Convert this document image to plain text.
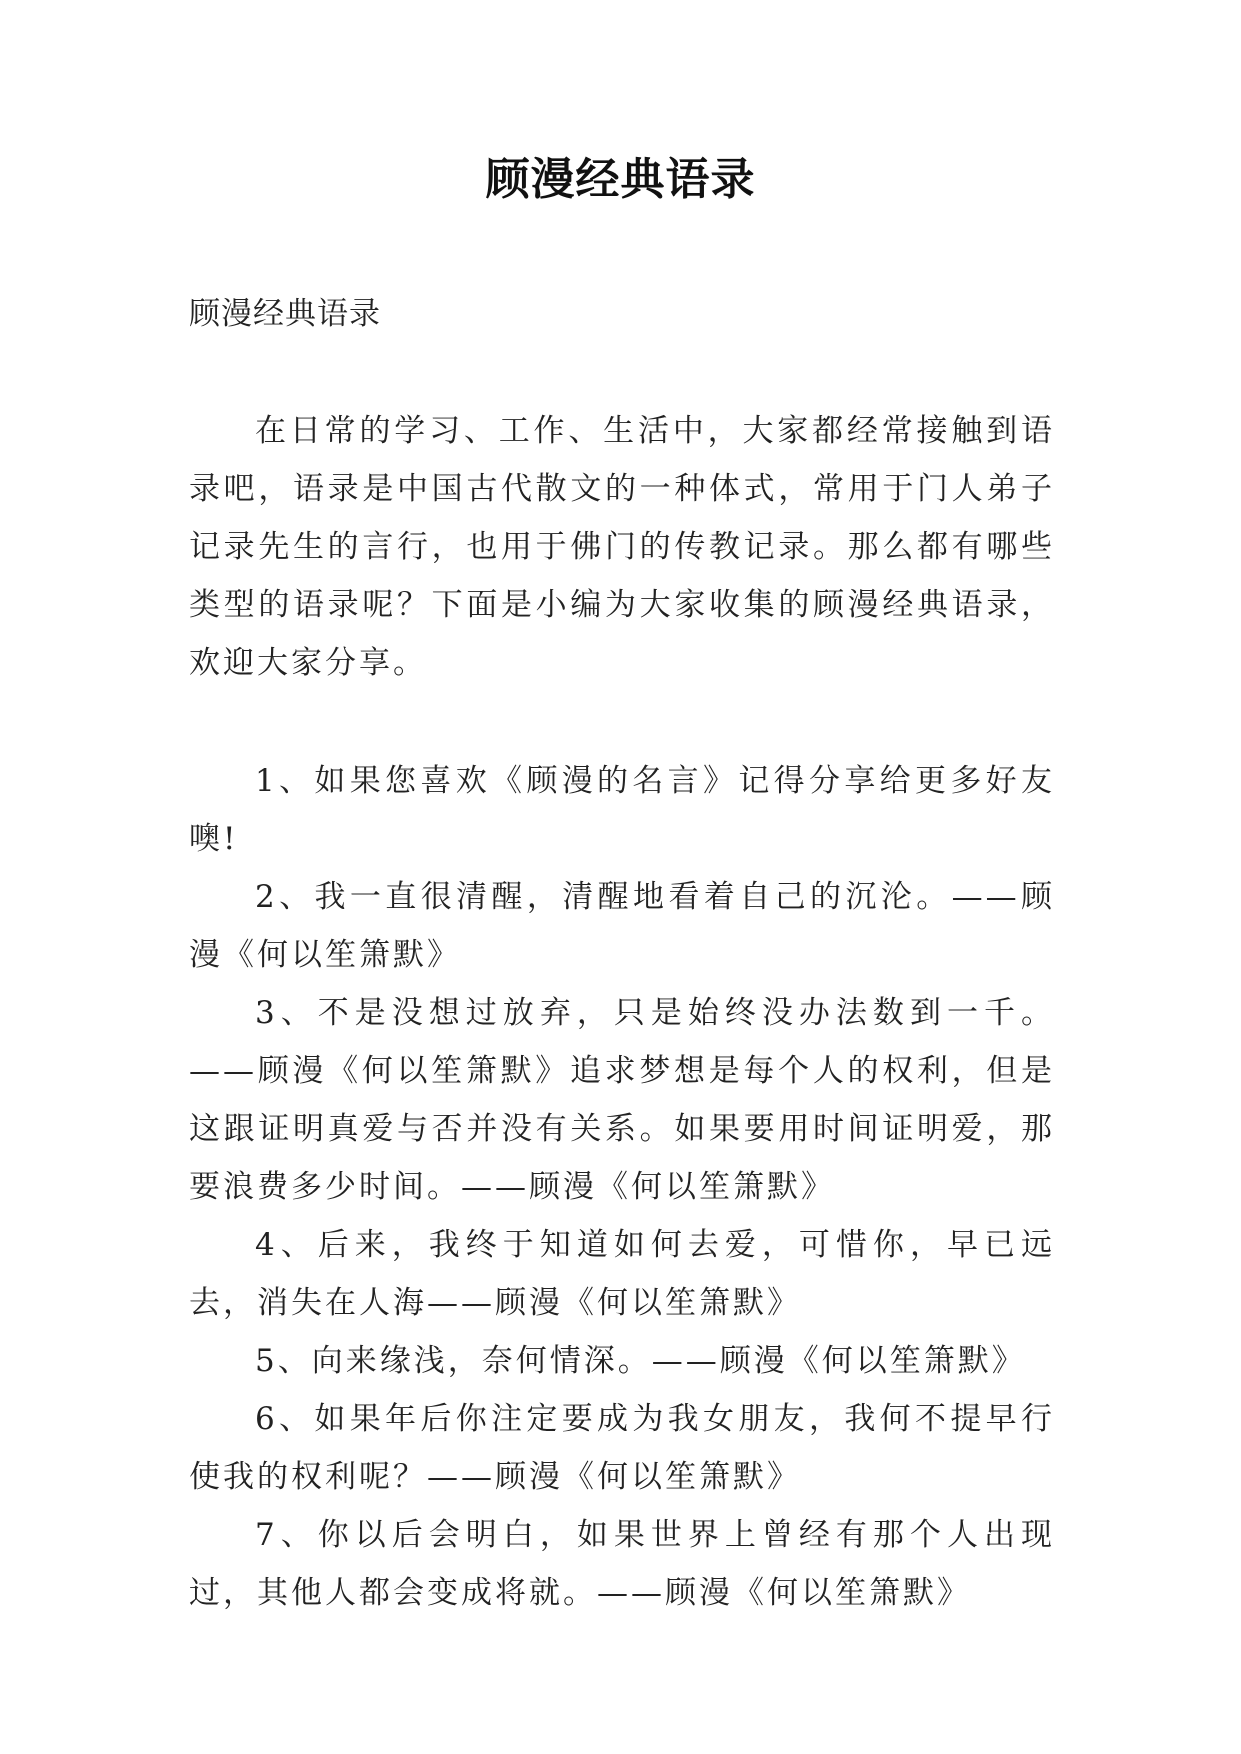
顾漫经典语录
顾漫经典语录

在日常的学习、工作、生活中，大家都经常接触到语录吧，语录是中国古代散文的一种体式，常用于门人弟子记录先生的言行，也用于佛门的传教记录。那么都有哪些类型的语录呢？下面是小编为大家收集的顾漫经典语录，欢迎大家分享。

1、如果您喜欢《顾漫的名言》记得分享给更多好友噢!
2、我一直很清醒，清醒地看着自己的沉沦。——顾漫《何以笙箫默》
3、不是没想过放弃，只是始终没办法数到一千。——顾漫《何以笙箫默》追求梦想是每个人的权利，但是这跟证明真爱与否并没有关系。如果要用时间证明爱，那要浪费多少时间。——顾漫《何以笙箫默》
4、后来，我终于知道如何去爱，可惜你，早已远去，消失在人海——顾漫《何以笙箫默》
5、向来缘浅，奈何情深。——顾漫《何以笙箫默》
6、如果年后你注定要成为我女朋友，我何不提早行使我的权利呢？——顾漫《何以笙箫默》
7、你以后会明白，如果世界上曾经有那个人出现过，其他人都会变成将就。——顾漫《何以笙箫默》
